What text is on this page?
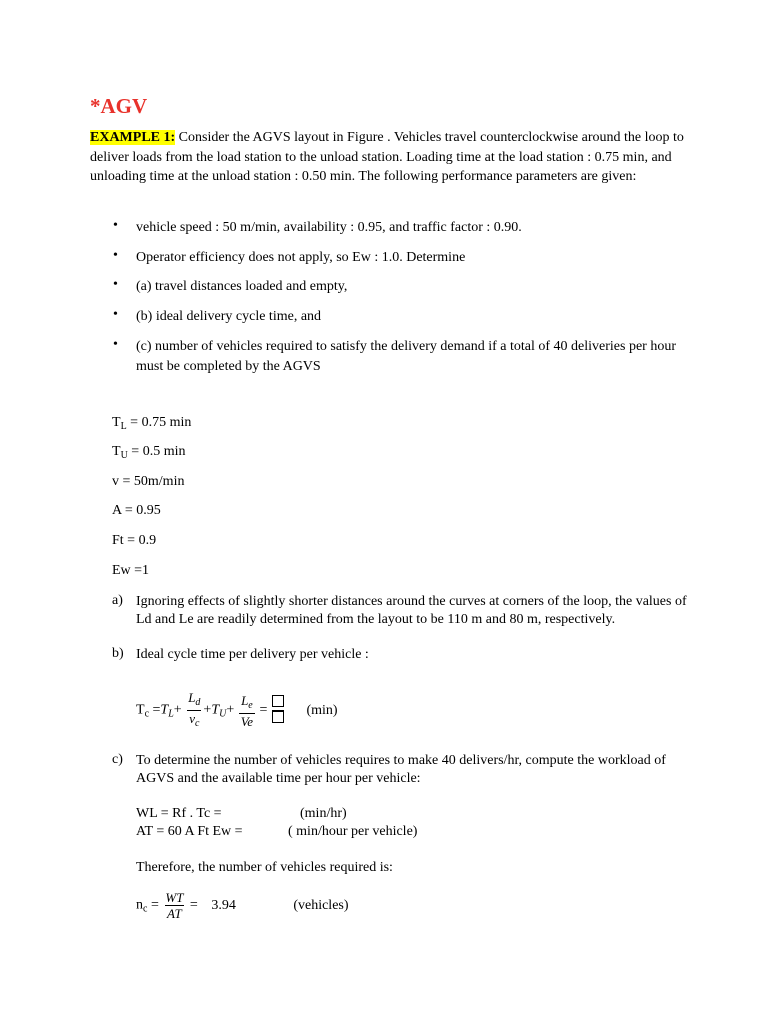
*AGV
EXAMPLE 1: Consider the AGVS layout in Figure . Vehicles travel counterclockwise around the loop to deliver loads from the load station to the unload station. Loading time at the load station : 0.75 min, and unloading time at the unload station : 0.50 min. The following performance parameters are given:
• vehicle speed : 50 m/min, availability : 0.95, and traffic factor : 0.90.
• Operator efficiency does not apply, so Ew : 1.0. Determine
• (a) travel distances loaded and empty,
• (b) ideal delivery cycle time, and
• (c) number of vehicles required to satisfy the delivery demand if a total of 40 deliveries per hour must be completed by the AGVS
$T_L = 0.75$ min
$T_U = 0.5$ min
v = 50m/min
A = 0.95
Ft = 0.9
Ew =1
a) Ignoring effects of slightly shorter distances around the curves at corners of the loop, the values of Ld and Le are readily determined from the layout to be 110 m and 80 m, respectively.
b) Ideal cycle time per delivery per vehicle :
$T_c =T_L+ \frac{L_d}{v_c} +T_U+ \frac{L_e}{Ve}$ =	(min)
c) To determine the number of vehicles requires to make 40 delivers/hr, compute the workload of AGVS and the available time per hour per vehicle:
WL = Rf . Tc =	(min/hr)
AT = 60 A Ft Ew =	( min/hour per vehicle)
Therefore, the number of vehicles required is:
$n_c = \frac{WT}{AT} = 3.94$	(vehicles)
